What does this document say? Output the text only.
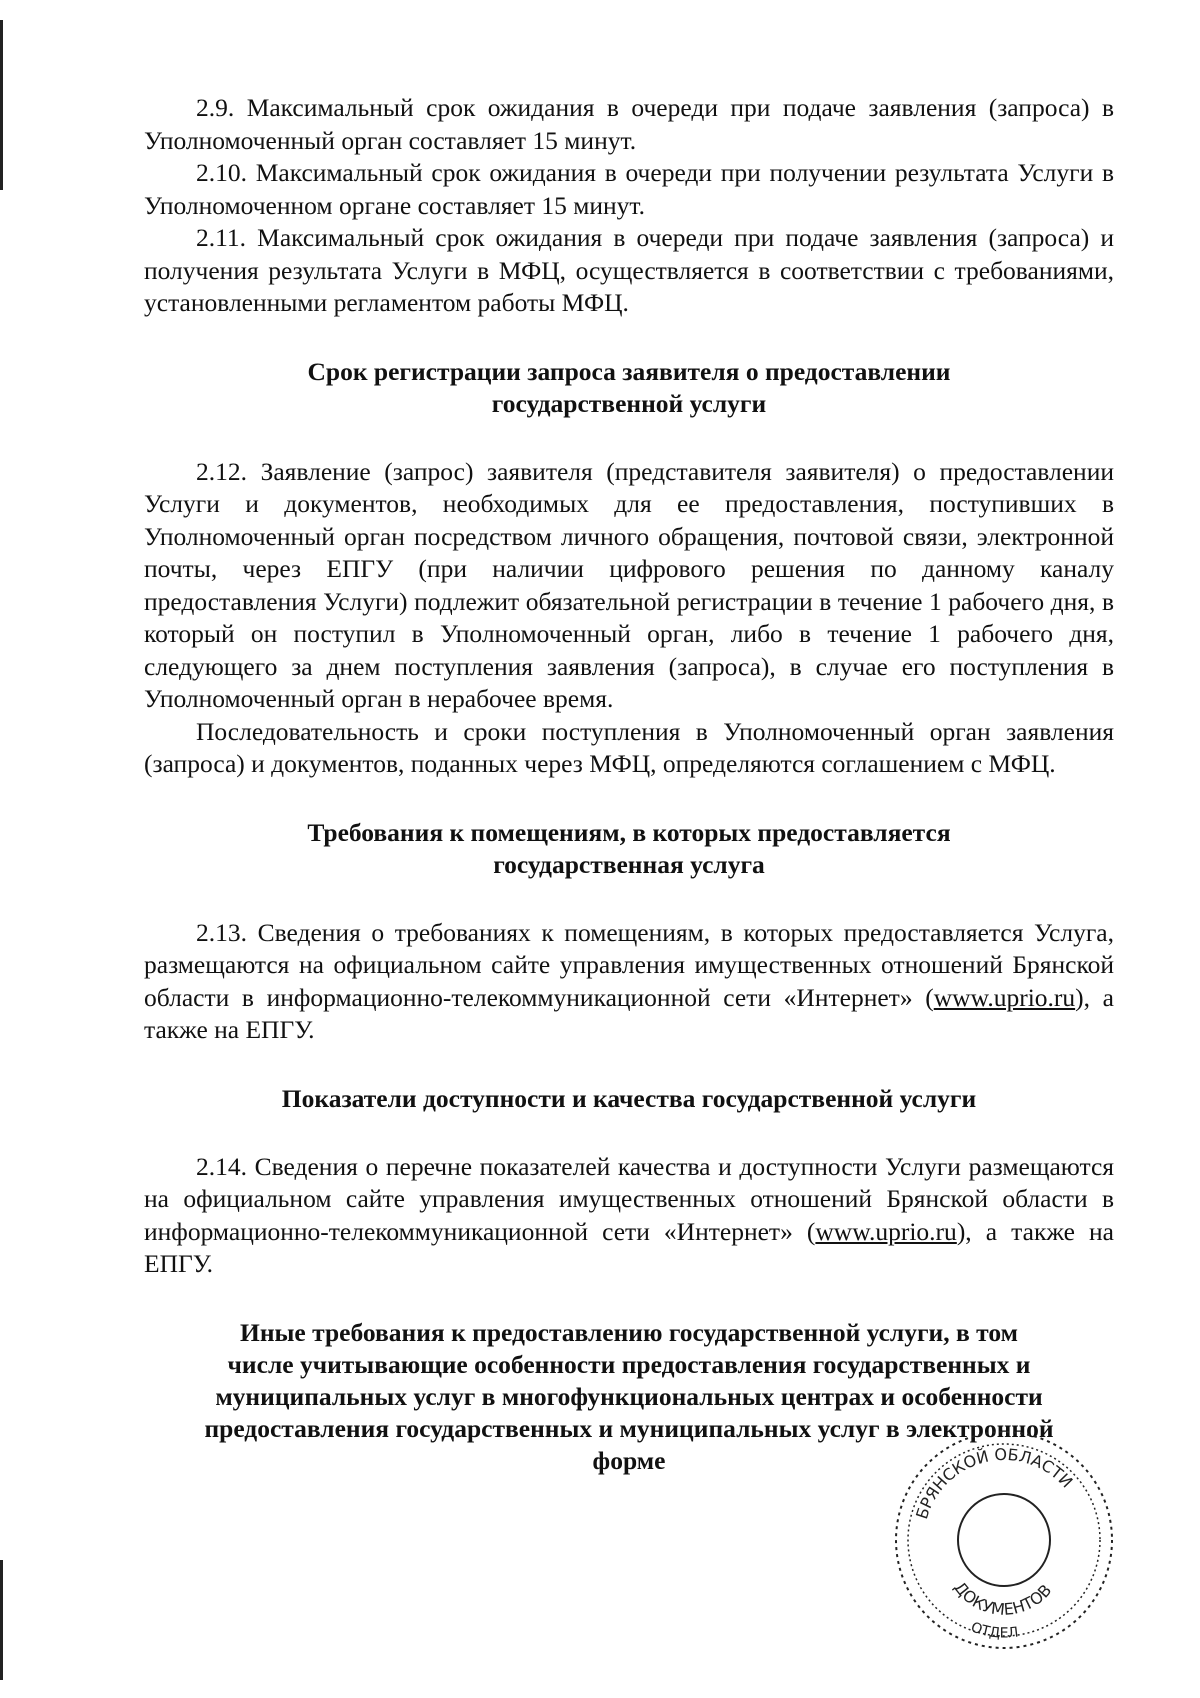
2.9. Максимальный срок ожидания в очереди при подаче заявления (запроса) в Уполномоченный орган составляет 15 минут.

2.10. Максимальный срок ожидания в очереди при получении результата Услуги в Уполномоченном органе составляет 15 минут.

2.11. Максимальный срок ожидания в очереди при подаче заявления (запроса) и получения результата Услуги в МФЦ, осуществляется в соответствии с требованиями, установленными регламентом работы МФЦ.

Срок регистрации запроса заявителя о предоставлении
государственной услуги

2.12. Заявление (запрос) заявителя (представителя заявителя) о предоставлении Услуги и документов, необходимых для ее предоставления, поступивших в Уполномоченный орган посредством личного обращения, почтовой связи, электронной почты, через ЕПГУ (при наличии цифрового решения по данному каналу предоставления Услуги) подлежит обязательной регистрации в течение 1 рабочего дня, в который он поступил в Уполномоченный орган, либо в течение 1 рабочего дня, следующего за днем поступления заявления (запроса), в случае его поступления в Уполномоченный орган в нерабочее время.

Последовательность и сроки поступления в Уполномоченный орган заявления (запроса) и документов, поданных через МФЦ, определяются соглашением с МФЦ.

Требования к помещениям, в которых предоставляется
государственная услуга

2.13. Сведения о требованиях к помещениям, в которых предоставляется Услуга, размещаются на официальном сайте управления имущественных отношений Брянской области в информационно-телекоммуникационной сети «Интернет» (www.uprio.ru), а также на ЕПГУ.

Показатели доступности и качества государственной услуги

2.14. Сведения о перечне показателей качества и доступности Услуги размещаются на официальном сайте управления имущественных отношений Брянской области в информационно-телекоммуникационной сети «Интернет» (www.uprio.ru), а также на ЕПГУ.

Иные требования к предоставлению государственной услуги, в том
числе учитывающие особенности предоставления государственных и
муниципальных услуг в многофункциональных центрах и особенности
предоставления государственных и муниципальных услуг в электронной
форме
БРЯНСКОЙ ОБЛАСТИ
ДОКУМЕНТОВ
ОТДЕЛ
